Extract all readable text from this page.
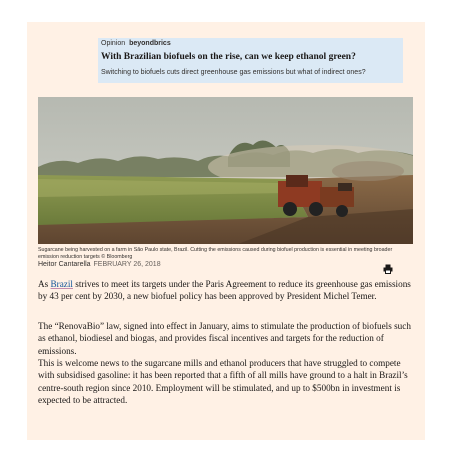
Opinion beyondbrics
With Brazilian biofuels on the rise, can we keep ethanol green?
Switching to biofuels cuts direct greenhouse gas emissions but what of indirect ones?
Sugarcane being harvested on a farm in São Paulo state, Brazil. Cutting the emissions caused during biofuel production is essential in meeting broader emission reduction targets © Bloomberg
Heitor Cantarella FEBRUARY 26, 2018

As Brazil strives to meet its targets under the Paris Agreement to reduce its greenhouse gas emissions by 43 per cent by 2030, a new biofuel policy has been approved by President Michel Temer.

The “RenovaBio” law, signed into effect in January, aims to stimulate the production of biofuels such as ethanol, biodiesel and biogas, and provides fiscal incentives and targets for the reduction of emissions.

This is welcome news to the sugarcane mills and ethanol producers that have struggled to compete with subsidised gasoline: it has been reported that a fifth of all mills have ground to a halt in Brazil’s centre-south region since 2010. Employment will be stimulated, and up to $500bn in investment is expected to be attracted.
